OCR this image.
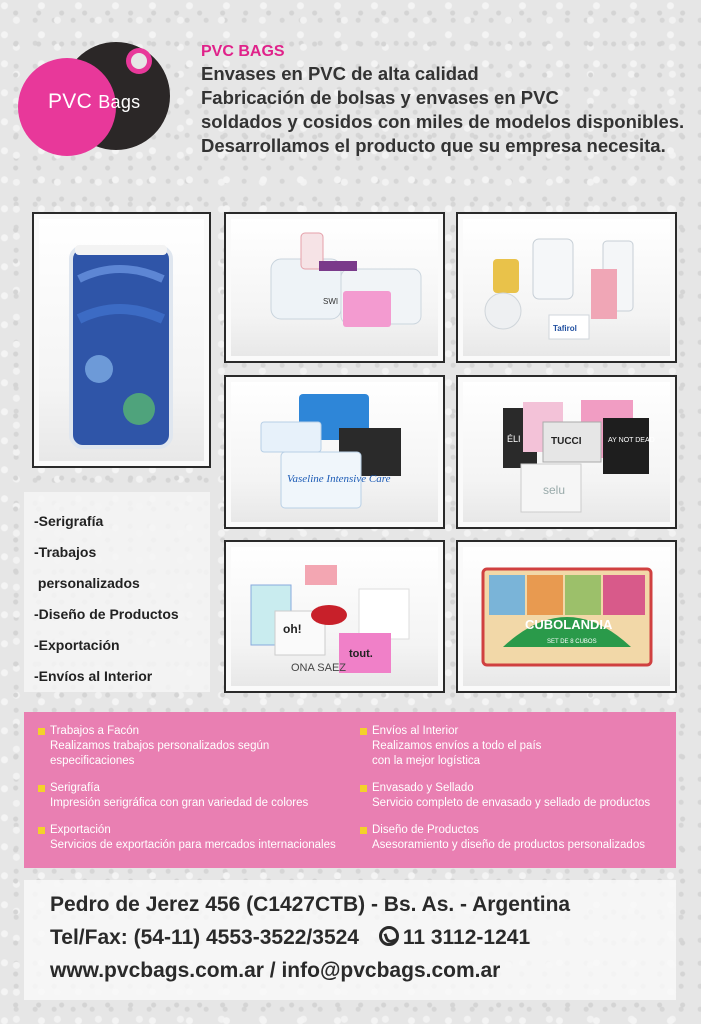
PVC Bags
PVC BAGS
Envases en PVC de alta calidad
Fabricación de bolsas y envases en PVC
soldados y cosidos con miles de modelos disponibles.
Desarrollamos el producto que su empresa necesita.
SWI
Tafirol
Vaseline Intensive Care
TUCCI
ÉLI
selu
AY NOT DEAD
oh!
tout.
ONA SAEZ
CUBOLANDIA
SET DE 8 CUBOS
-Serigrafía
-Trabajos
personalizados
-Diseño de Productos
-Exportación
-Envíos al Interior
Trabajos a Facón
Realizamos trabajos personalizados según especificaciones
Serigrafía
Impresión serigráfica con gran variedad de colores
Exportación
Servicios de exportación para mercados internacionales
Envíos al Interior
Realizamos envíos a todo el país con la mejor logística
Envasado y Sellado
Servicio completo de envasado y sellado de productos
Diseño de Productos
Asesoramiento y diseño de productos personalizados
Pedro de Jerez 456 (C1427CTB) - Bs. As. - Argentina
Tel/Fax: (54-11) 4553-3522/3524 11 3112-1241
www.pvcbags.com.ar / info@pvcbags.com.ar
